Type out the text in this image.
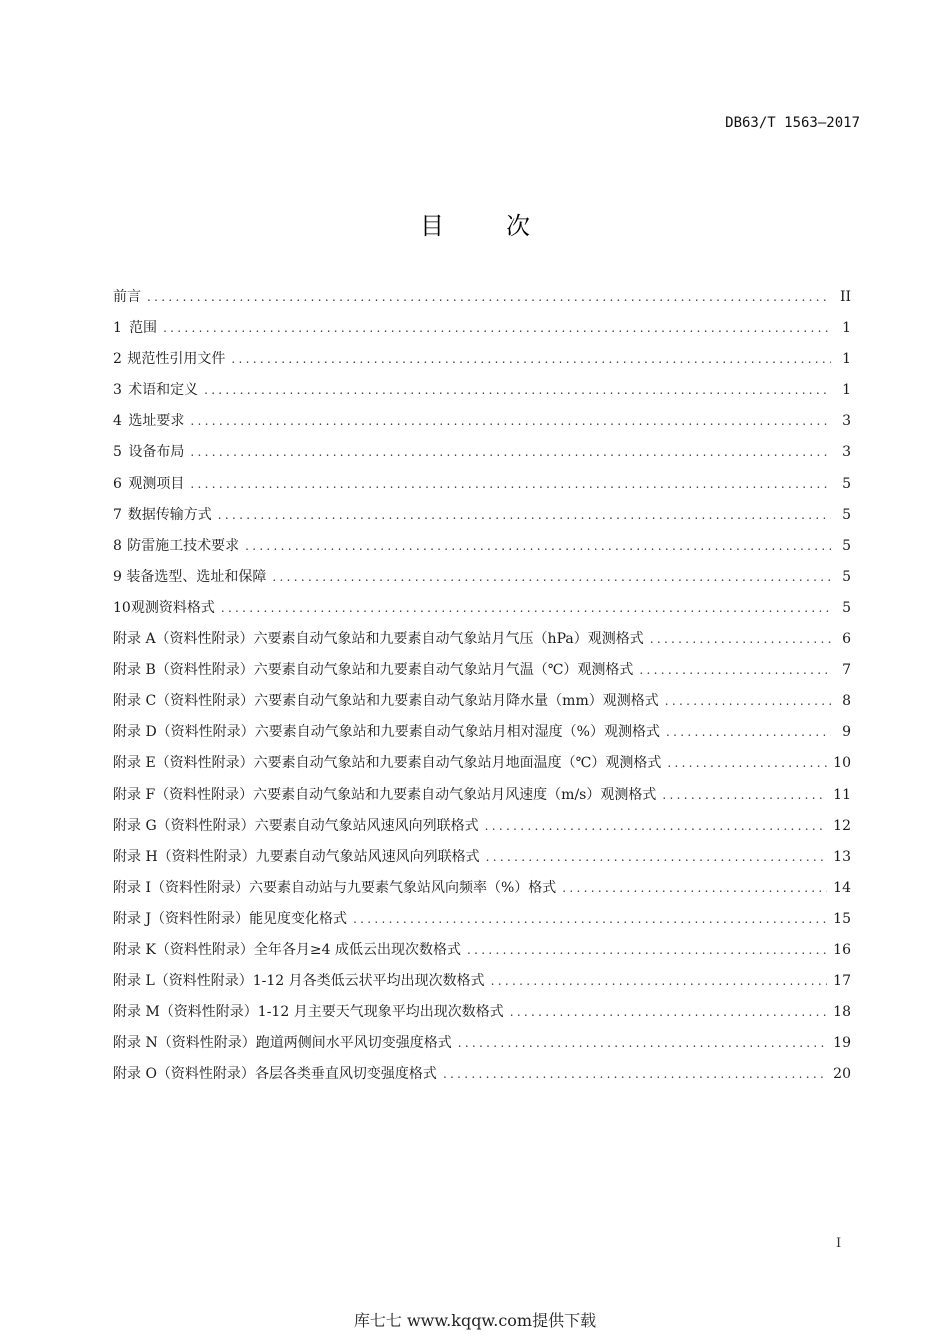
DB63/T 1563—2017
目	次
前言 .....	II
1 范围 .....	1
2 规范性引用文件 .....	1
3 术语和定义 .....	1
4 选址要求 .....	3
5 设备布局 .....	3
6 观测项目 .....	5
7 数据传输方式 .....	5
8 防雷施工技术要求 .....	5
9 装备选型、选址和保障 .....	5
10 观测资料格式 .....	5
附录 A（资料性附录） 六要素自动气象站和九要素自动气象站月气压（hPa）观测格式 .....	6
附录 B（资料性附录） 六要素自动气象站和九要素自动气象站月气温（℃）观测格式 .....	7
附录 C（资料性附录） 六要素自动气象站和九要素自动气象站月降水量（mm）观测格式 .....	8
附录 D（资料性附录） 六要素自动气象站和九要素自动气象站月相对湿度（%）观测格式 .....	9
附录 E（资料性附录） 六要素自动气象站和九要素自动气象站月地面温度（℃）观测格式 .....	10
附录 F（资料性附录） 六要素自动气象站和九要素自动气象站月风速度（m/s）观测格式 .....	11
附录 G（资料性附录） 六要素自动气象站风速风向列联格式 .....	12
附录 H（资料性附录） 九要素自动气象站风速风向列联格式 .....	13
附录 I（资料性附录） 六要素自动站与九要素气象站风向频率（%）格式 .....	14
附录 J（资料性附录） 能见度变化格式 .....	15
附录 K（资料性附录） 全年各月≥4 成低云出现次数格式 .....	16
附录 L（资料性附录） 1-12 月各类低云状平均出现次数格式 .....	17
附录 M（资料性附录） 1-12 月主要天气现象平均出现次数格式 .....	18
附录 N（资料性附录） 跑道两侧间水平风切变强度格式 .....	19
附录 O（资料性附录） 各层各类垂直风切变强度格式 .....	20
I
库七七 www.kqqw.com提供下载
